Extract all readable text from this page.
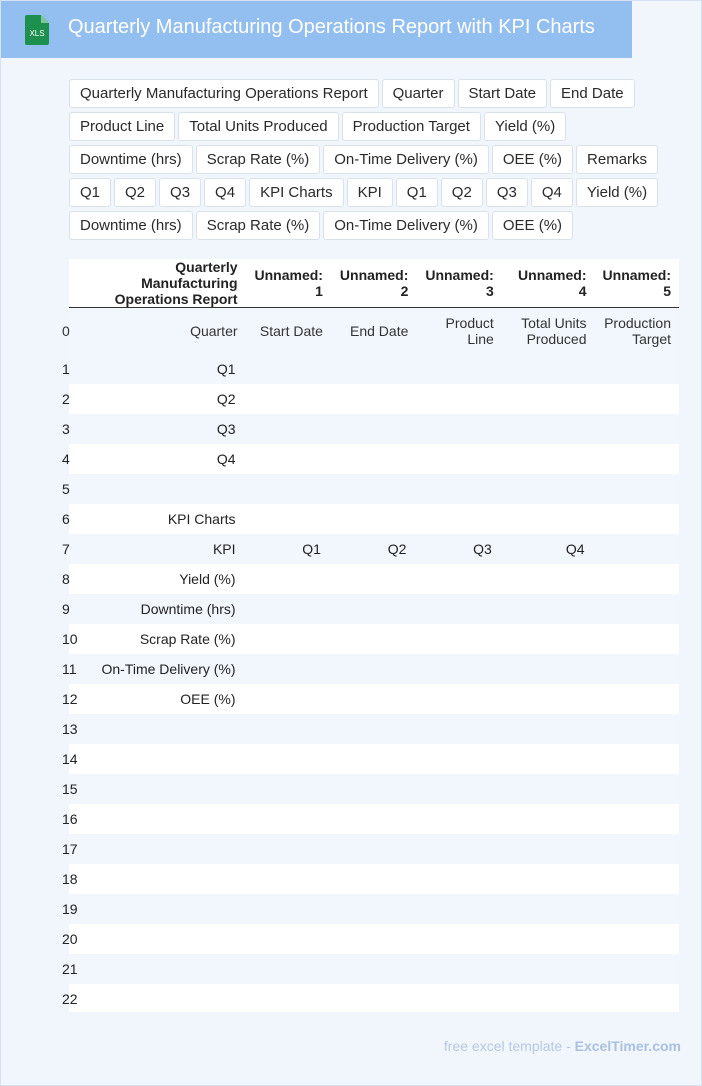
XLS Quarterly Manufacturing Operations Report with KPI Charts
Quarterly Manufacturing Operations Report	Quarter	Start Date	End Date
Product Line	Total Units Produced	Production Target	Yield (%)
Downtime (hrs)	Scrap Rate (%)	On-Time Delivery (%)	OEE (%)	Remarks
Q1	Q2	Q3	Q4	KPI Charts	KPI	Q1	Q2	Q3	Q4	Yield (%)
Downtime (hrs)	Scrap Rate (%)	On-Time Delivery (%)	OEE (%)
	Quarterly Manufacturing Operations Report	Unnamed: 1	Unnamed: 2	Unnamed: 3	Unnamed: 4	Unnamed: 5
0	Quarter	Start Date	End Date	Product Line	Total Units Produced	Production Target
1	Q1					
2	Q2					
3	Q3					
4	Q4					
5						
6	KPI Charts					
7	KPI	Q1	Q2	Q3	Q4	
8	Yield (%)					
9	Downtime (hrs)					
10	Scrap Rate (%)					
11	On-Time Delivery (%)					
12	OEE (%)					
13						
14						
15						
16						
17						
18						
19						
20						
21						
22						
free excel template - ExcelTimer.com
